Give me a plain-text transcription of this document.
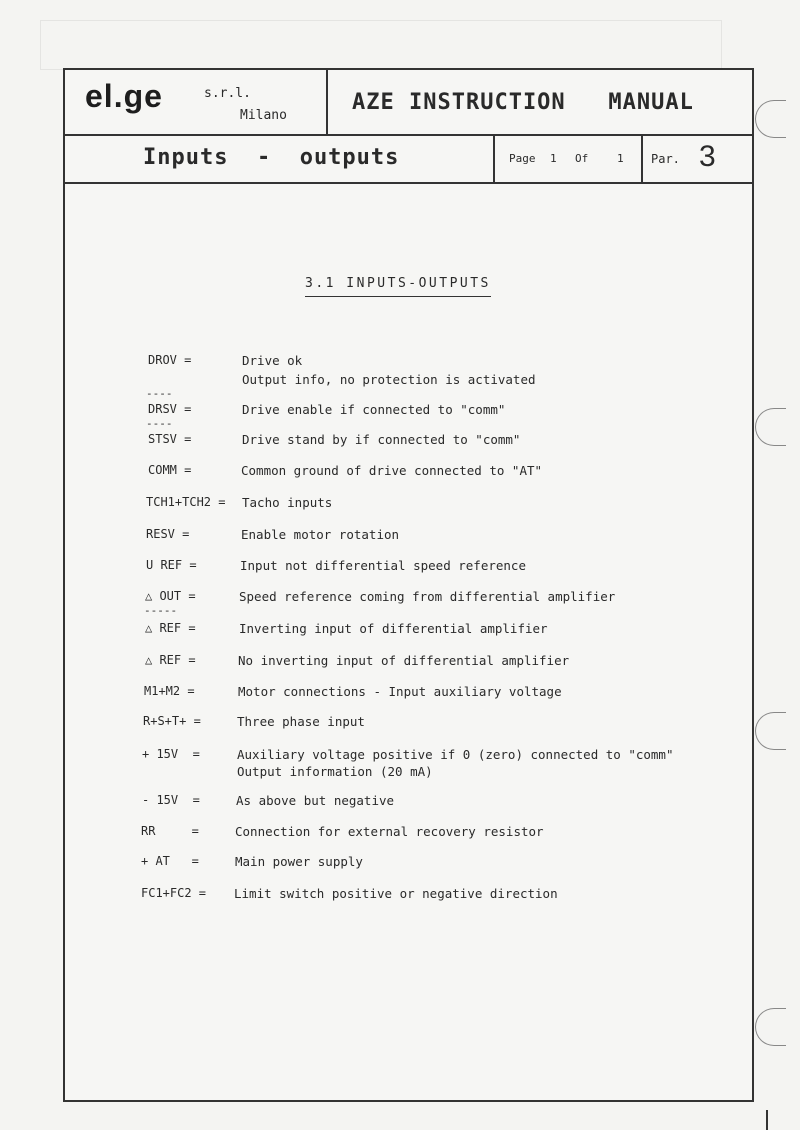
el.ge	s.r.l.
Milano
AZE INSTRUCTION   MANUAL
Inputs  -  outputs	Page 1 Of	1 Par. 3
3.1 INPUTS-OUTPUTS
DROV =	Drive ok
Output info, no protection is activated
----
DRSV =	Drive enable if connected to "comm"
----
STSV =	Drive stand by if connected to "comm"
COMM =	Common ground of drive connected to "AT"
TCH1+TCH2 = Tacho inputs
RESV =	Enable motor rotation
U REF =	Input not differential speed reference
△ OUT =	Speed reference coming from differential amplifier
-----
△ REF =	Inverting input of differential amplifier
△ REF =	No inverting input of differential amplifier
M1+M2 =	Motor connections - Input auxiliary voltage
R+S+T+ =	Three phase input
+ 15V  =	Auxiliary voltage positive if 0 (zero) connected to "comm"
Output information (20 mA)
- 15V  =	As above but negative
RR     =	Connection for external recovery resistor
+ AT   =	Main power supply
FC1+FC2 = Limit switch positive or negative direction
